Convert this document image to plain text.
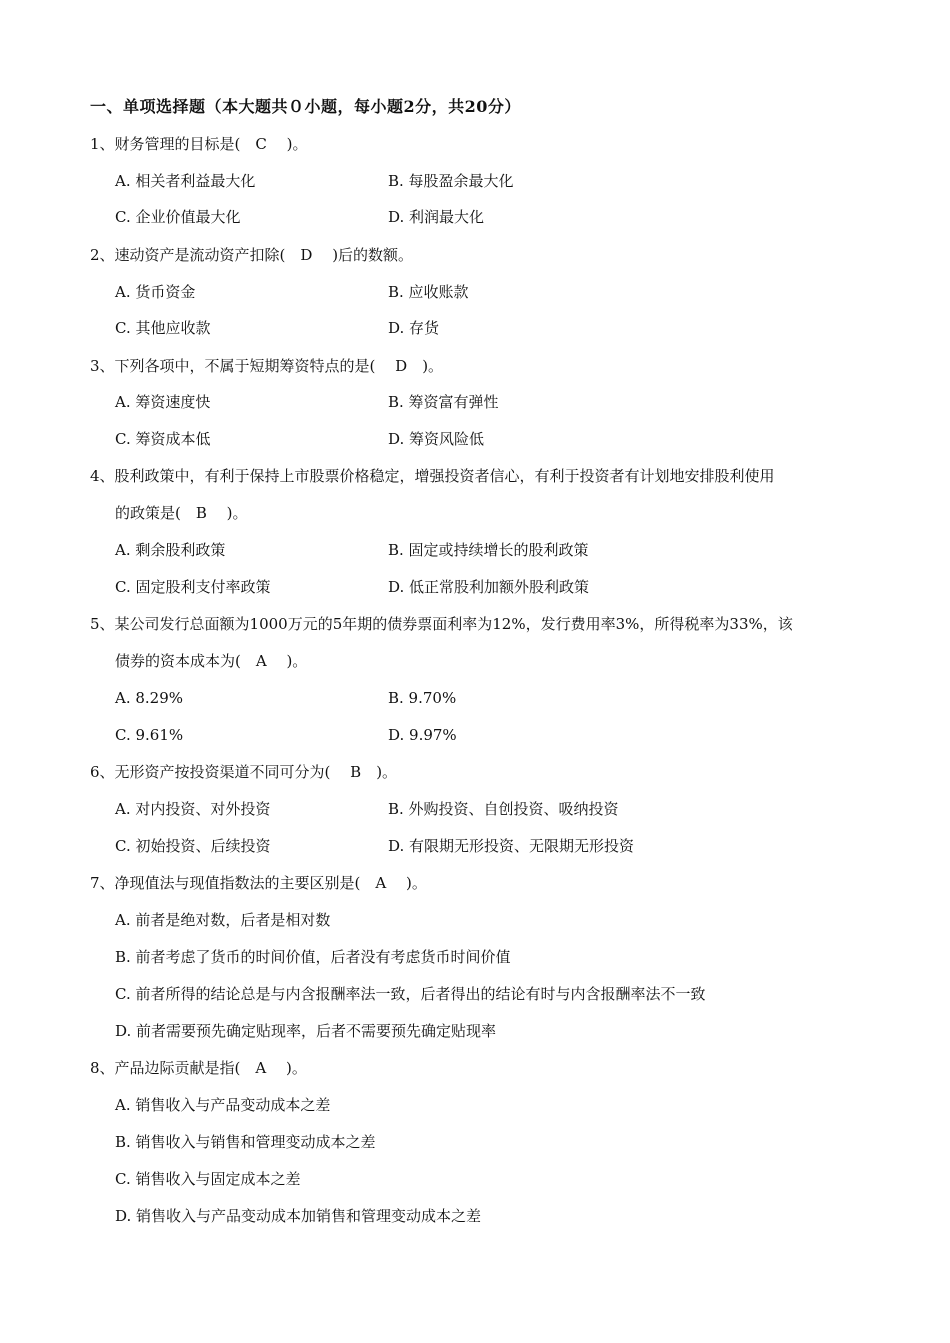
一、单项选择题（本大题共０小题，每小题2分，共20分）
1、财务管理的目标是(　C　 )。
A. 相关者利益最大化	B. 每股盈余最大化
C. 企业价值最大化	D. 利润最大化
2、速动资产是流动资产扣除(　D　 )后的数额。
A. 货币资金	B. 应收账款
C. 其他应收款	D. 存货
3、下列各项中，不属于短期筹资特点的是(　 D　)。
A. 筹资速度快	B. 筹资富有弹性
C. 筹资成本低	D. 筹资风险低
4、股利政策中，有利于保持上市股票价格稳定，增强投资者信心，有利于投资者有计划地安排股利使用
的政策是(　B　 )。
A. 剩余股利政策	B. 固定或持续增长的股利政策
C. 固定股利支付率政策	D. 低正常股利加额外股利政策
5、某公司发行总面额为1000万元的5年期的债券票面利率为12%，发行费用率3%，所得税率为33%，该
债券的资本成本为(　A　 )。
A. 8.29%	B. 9.70%
C. 9.61%	D. 9.97%
6、无形资产按投资渠道不同可分为(　 B　)。
A. 对内投资、对外投资	B. 外购投资、自创投资、吸纳投资
C. 初始投资、后续投资	D. 有限期无形投资、无限期无形投资
7、净现值法与现值指数法的主要区别是(　A　 )。
A. 前者是绝对数，后者是相对数
B. 前者考虑了货币的时间价值，后者没有考虑货币时间价值
C. 前者所得的结论总是与内含报酬率法一致，后者得出的结论有时与内含报酬率法不一致
D. 前者需要预先确定贴现率，后者不需要预先确定贴现率
8、产品边际贡献是指(　A　 )。
A. 销售收入与产品变动成本之差
B. 销售收入与销售和管理变动成本之差
C. 销售收入与固定成本之差
D. 销售收入与产品变动成本加销售和管理变动成本之差
